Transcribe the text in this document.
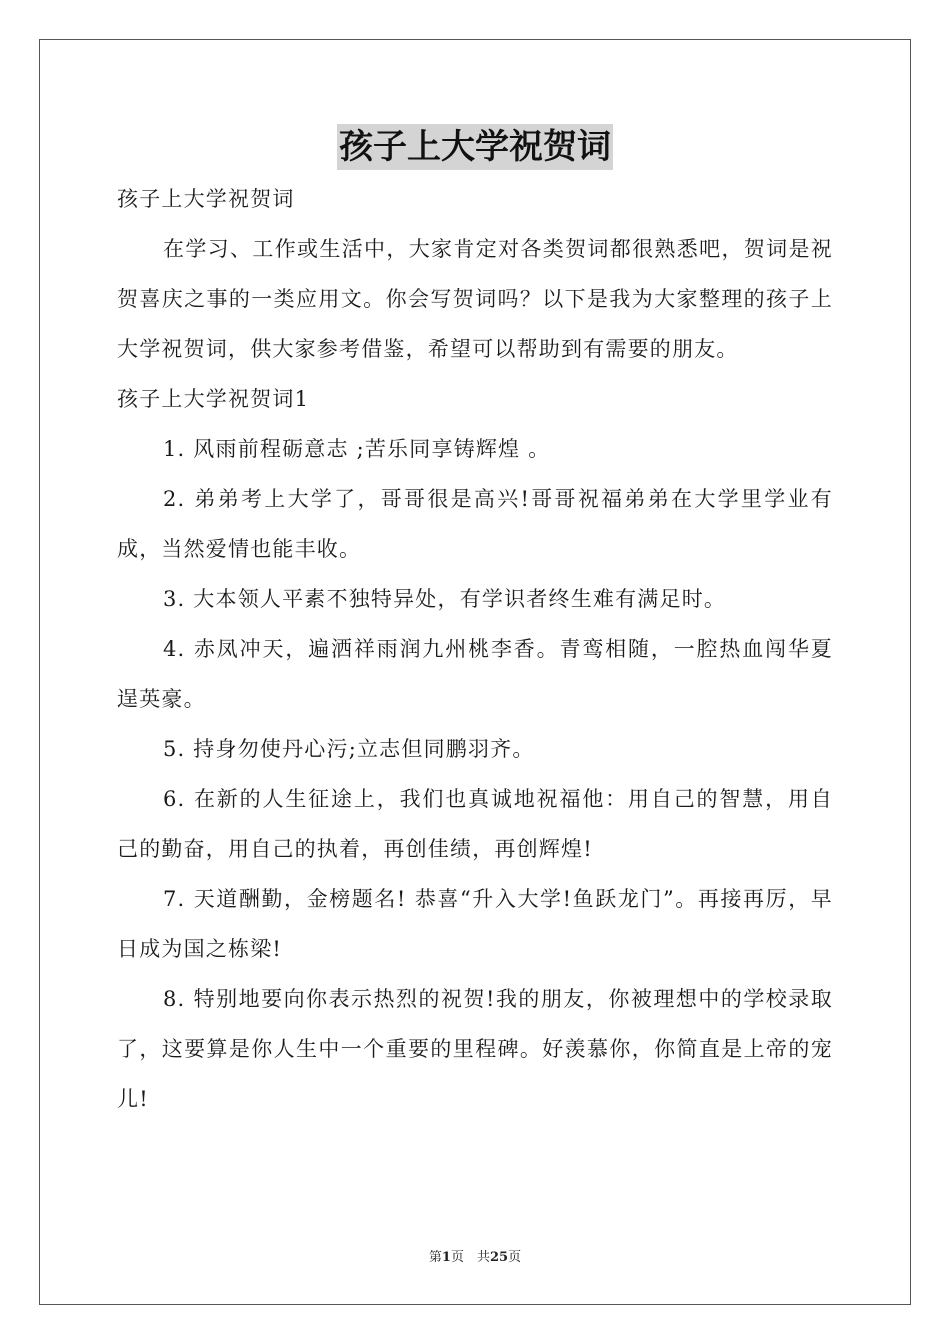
孩子上大学祝贺词

孩子上大学祝贺词

在学习、工作或生活中，大家肯定对各类贺词都很熟悉吧，贺词是祝贺喜庆之事的一类应用文。你会写贺词吗？以下是我为大家整理的孩子上大学祝贺词，供大家参考借鉴，希望可以帮助到有需要的朋友。

孩子上大学祝贺词1

1. 风雨前程砺意志 ;苦乐同享铸辉煌 。

2. 弟弟考上大学了，哥哥很是高兴!哥哥祝福弟弟在大学里学业有成，当然爱情也能丰收。

3. 大本领人平素不独特异处，有学识者终生难有满足时。

4. 赤凤冲天，遍洒祥雨润九州桃李香。青鸾相随，一腔热血闯华夏逞英豪。

5. 持身勿使丹心污;立志但同鹏羽齐。

6. 在新的人生征途上，我们也真诚地祝福他：用自己的智慧，用自己的勤奋，用自己的执着，再创佳绩，再创辉煌!

7. 天道酬勤，金榜题名! 恭喜“升入大学!鱼跃龙门”。再接再厉，早日成为国之栋梁!

8. 特别地要向你表示热烈的祝贺!我的朋友，你被理想中的学校录取了，这要算是你人生中一个重要的里程碑。好羡慕你，你简直是上帝的宠儿!

第1页　共25页
